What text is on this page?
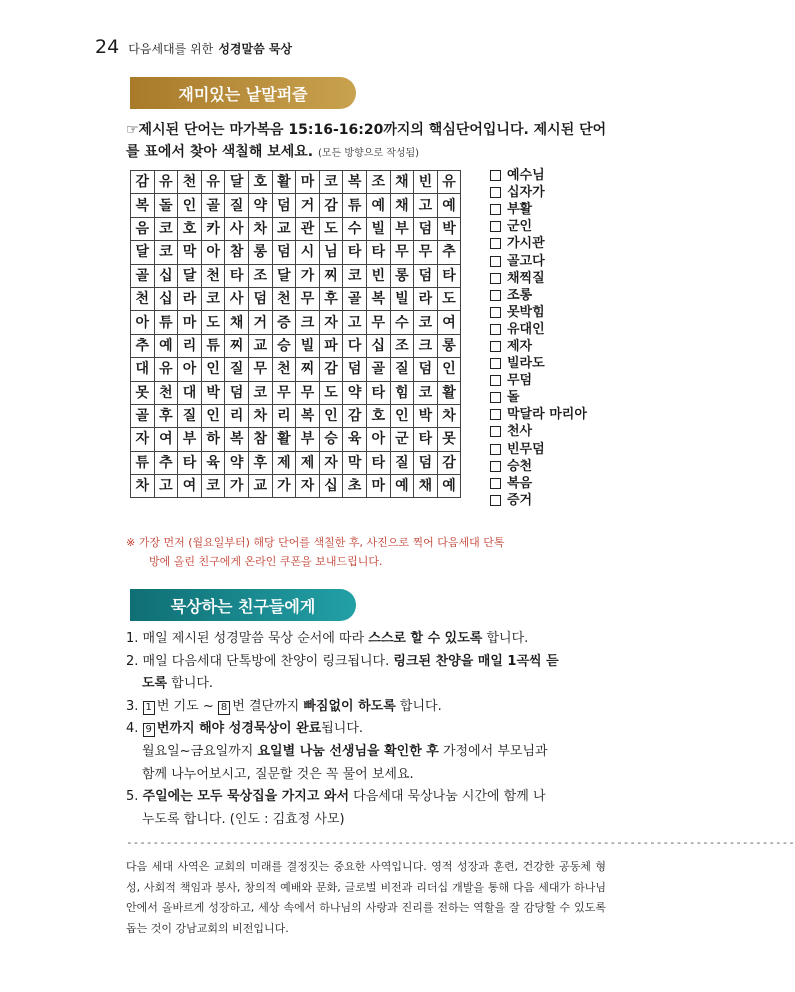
24 다음세대를 위한 성경말씀 묵상
재미있는 낱말퍼즐
☞제시된 단어는 마가복음 15:16-16:20까지의 핵심단어입니다. 제시된 단어를 표에서 찾아 색칠해 보세요. (모든 방향으로 작성됨)
감	유	천	유	달	호	활	마	코	복	조	채	빈	유
복	돌	인	골	질	약	덤	거	감	튜	예	채	고	예
음	코	호	카	사	차	교	관	도	수	빌	부	덤	박
달	코	막	아	참	롱	덤	시	님	타	타	무	무	추
골	십	달	천	타	조	달	가	찌	코	빈	롱	덤	타
천	십	라	코	사	덤	천	무	후	골	복	빌	라	도
아	튜	마	도	채	거	증	크	자	고	무	수	코	여
추	예	리	튜	찌	교	승	빌	파	다	십	조	크	롱
대	유	아	인	질	무	천	찌	감	덤	골	질	덤	인
못	천	대	박	덤	코	무	무	도	약	타	힘	코	활
골	후	질	인	리	차	리	복	인	감	호	인	박	차
자	여	부	하	복	참	활	부	승	육	아	군	타	못
튜	추	타	육	약	후	제	제	자	막	타	질	덤	감
차	고	여	코	가	교	가	자	십	초	마	예	채	예
예수님
십자가
부활
군인
가시관
골고다
채찍질
조롱
못박힘
유대인
제자
빌라도
무덤
돌
막달라 마리아
천사
빈무덤
승천
복음
증거
※ 가장 먼저 (월요일부터) 해당 단어를 색칠한 후, 사진으로 찍어 다음세대 단톡
방에 올린 친구에게 온라인 쿠폰을 보내드립니다.
묵상하는 친구들에게
1. 매일 제시된 성경말씀 묵상 순서에 따라 스스로 할 수 있도록 합니다.
2. 매일 다음세대 단톡방에 찬양이 링크됩니다. 링크된 찬양을 매일 1곡씩 듣
도록 합니다.
3. 1 번 기도 ~ 8 번 결단까지 빠짐없이 하도록 합니다.
4. 9 번까지 해야 성경묵상이 완료됩니다.
월요일~금요일까지 요일별 나눔 선생님을 확인한 후 가정에서 부모님과
함께 나누어보시고, 질문할 것은 꼭 물어 보세요.
5. 주일에는 모두 묵상집을 가지고 와서 다음세대 묵상나눔 시간에 함께 나
누도록 합니다. (인도 : 김효정 사모)
-----------------------------------------------------------------------------------------------------
다음 세대 사역은 교회의 미래를 결정짓는 중요한 사역입니다. 영적 성장과 훈련, 건강한 공동체 형성, 사회적 책임과 봉사, 창의적 예배와 문화, 글로벌 비전과 리더십 개발을 통해 다음 세대가 하나님 안에서 올바르게 성장하고, 세상 속에서 하나님의 사랑과 진리를 전하는 역할을 잘 감당할 수 있도록 돕는 것이 강남교회의 비전입니다.
